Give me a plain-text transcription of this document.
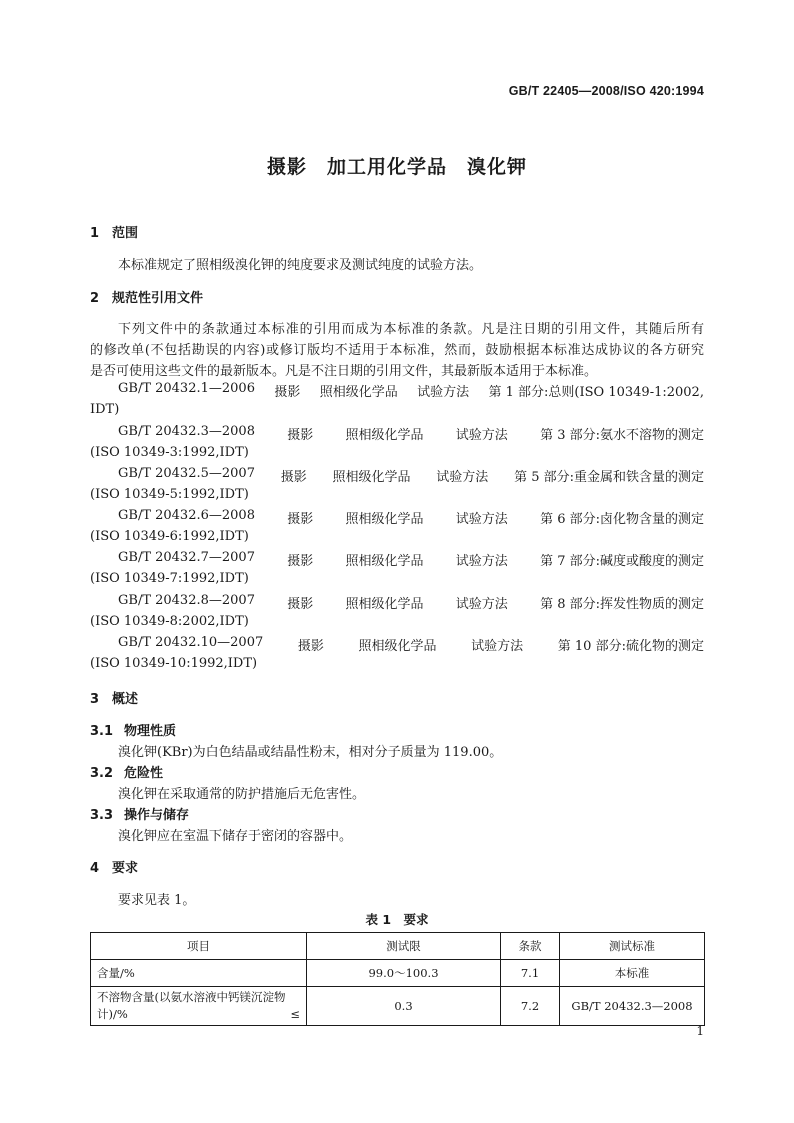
GB/T 22405—2008/ISO 420:1994
摄影　加工用化学品　溴化钾
1 范围
本标准规定了照相级溴化钾的纯度要求及测试纯度的试验方法。
2 规范性引用文件
下列文件中的条款通过本标准的引用而成为本标准的条款。凡是注日期的引用文件，其随后所有
的修改单(不包括勘误的内容)或修订版均不适用于本标准，然而，鼓励根据本标准达成协议的各方研究
是否可使用这些文件的最新版本。凡是不注日期的引用文件，其最新版本适用于本标准。
GB/T 20432.1—2006 摄影 照相级化学品 试验方法 第 1 部分:总则(ISO 10349-1:2002,
IDT)
GB/T 20432.3—2008 摄影 照相级化学品 试验方法 第 3 部分:氨水不溶物的测定
(ISO 10349-3:1992,IDT)
GB/T 20432.5—2007 摄影 照相级化学品 试验方法 第 5 部分:重金属和铁含量的测定
(ISO 10349-5:1992,IDT)
GB/T 20432.6—2008 摄影 照相级化学品 试验方法 第 6 部分:卤化物含量的测定
(ISO 10349-6:1992,IDT)
GB/T 20432.7—2007 摄影 照相级化学品 试验方法 第 7 部分:碱度或酸度的测定
(ISO 10349-7:1992,IDT)
GB/T 20432.8—2007 摄影 照相级化学品 试验方法 第 8 部分:挥发性物质的测定
(ISO 10349-8:2002,IDT)
GB/T 20432.10—2007	摄影	照相级化学品	试验方法	第 10 部分:硫化物的测定
(ISO 10349-10:1992,IDT)
3 概述
3.1 物理性质
溴化钾(KBr)为白色结晶或结晶性粉末，相对分子质量为 119.00。
3.2 危险性
溴化钾在采取通常的防护措施后无危害性。
3.3 操作与储存
溴化钾应在室温下储存于密闭的容器中。
4 要求
要求见表 1。
表 1　要求
项目	测试限	条款	测试标准
含量/%	99.0～100.3	7.1	本标准

不溶物含量(以氨水溶液中钙镁沉淀物
计)/% ≤	0.3	7.2	GB/T 20432.3—2008
1
